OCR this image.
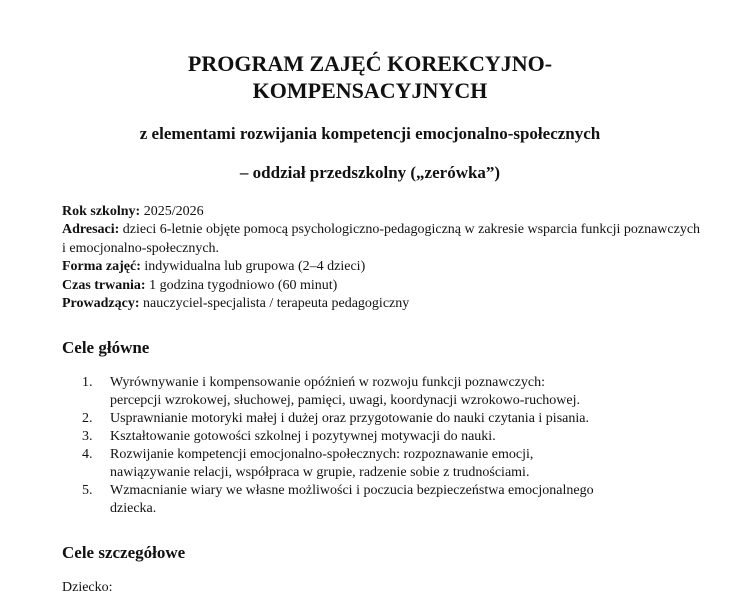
PROGRAM ZAJĘĆ KOREKCYJNO-
KOMPENSACYJNYCH

z elementami rozwijania kompetencji emocjonalno-społecznych

– oddział przedszkolny („zerówka”)

Rok szkolny: 2025/2026

Adresaci: dzieci 6-letnie objęte pomocą psychologiczno-pedagogiczną w zakresie wsparcia funkcji poznawczych i emocjonalno-społecznych.

Forma zajęć: indywidualna lub grupowa (2–4 dzieci)

Czas trwania: 1 godzina tygodniowo (60 minut)

Prowadzący: nauczyciel-specjalista / terapeuta pedagogiczny

Cele główne
1. Wyrównywanie i kompensowanie opóźnień w rozwoju funkcji poznawczych:
percepcji wzrokowej, słuchowej, pamięci, uwagi, koordynacji wzrokowo-ruchowej.
2. Usprawnianie motoryki małej i dużej oraz przygotowanie do nauki czytania i pisania.
3. Kształtowanie gotowości szkolnej i pozytywnej motywacji do nauki.
4. Rozwijanie kompetencji emocjonalno-społecznych: rozpoznawanie emocji,
nawiązywanie relacji, współpraca w grupie, radzenie sobie z trudnościami.
5. Wzmacnianie wiary we własne możliwości i poczucia bezpieczeństwa emocjonalnego
dziecka.
Cele szczegółowe

Dziecko:
